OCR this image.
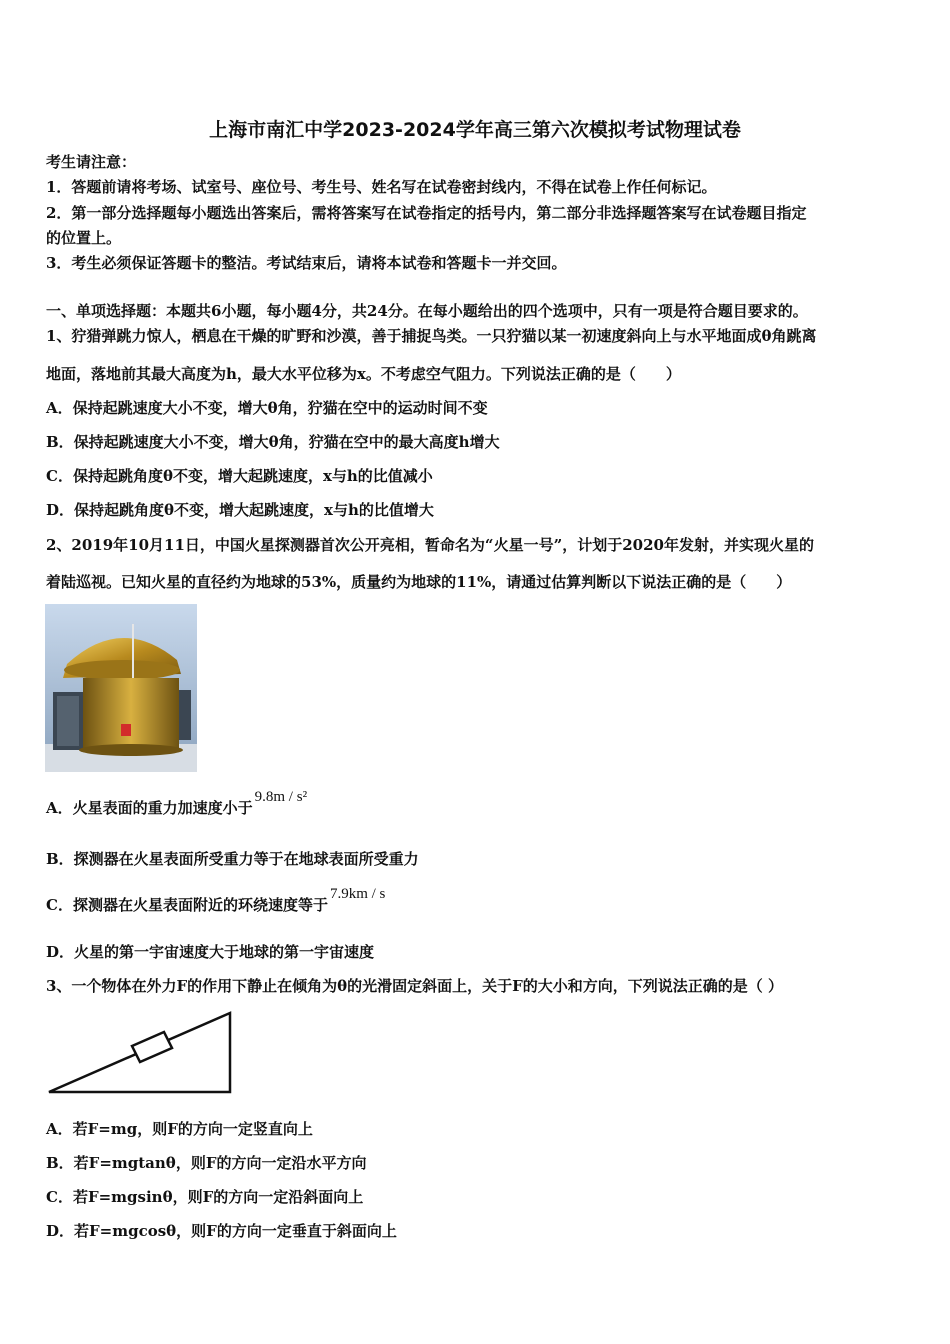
上海市南汇中学2023-2024学年高三第六次模拟考试物理试卷
考生请注意：
1．答题前请将考场、试室号、座位号、考生号、姓名写在试卷密封线内，不得在试卷上作任何标记。
2．第一部分选择题每小题选出答案后，需将答案写在试卷指定的括号内，第二部分非选择题答案写在试卷题目指定
的位置上。
3．考生必须保证答题卡的整洁。考试结束后，请将本试卷和答题卡一并交回。
一、单项选择题：本题共6小题，每小题4分，共24分。在每小题给出的四个选项中，只有一项是符合题目要求的。
1、狞猎弹跳力惊人，栖息在干燥的旷野和沙漠，善于捕捉鸟类。一只狞猫以某一初速度斜向上与水平地面成θ角跳离
地面，落地前其最大高度为h，最大水平位移为x。不考虑空气阻力。下列说法正确的是（　　）
A．保持起跳速度大小不变，增大θ角，狞猫在空中的运动时间不变
B．保持起跳速度大小不变，增大θ角，狞猫在空中的最大高度h增大
C．保持起跳角度θ不变，增大起跳速度，x与h的比值减小
D．保持起跳角度θ不变，增大起跳速度，x与h的比值增大
2、2019年10月11日，中国火星探测器首次公开亮相，暂命名为“火星一号”，计划于2020年发射，并实现火星的
着陆巡视。已知火星的直径约为地球的53%，质量约为地球的11%，请通过估算判断以下说法正确的是（　　）
A．火星表面的重力加速度小于9.8m / s²
B．探测器在火星表面所受重力等于在地球表面所受重力
C．探测器在火星表面附近的环绕速度等于7.9km / s
D．火星的第一宇宙速度大于地球的第一宇宙速度
3、一个物体在外力F的作用下静止在倾角为θ的光滑固定斜面上，关于F的大小和方向，下列说法正确的是（ ）
A．若F=mg，则F的方向一定竖直向上
B．若F=mgtanθ，则F的方向一定沿水平方向
C．若F=mgsinθ，则F的方向一定沿斜面向上
D．若F=mgcosθ，则F的方向一定垂直于斜面向上
